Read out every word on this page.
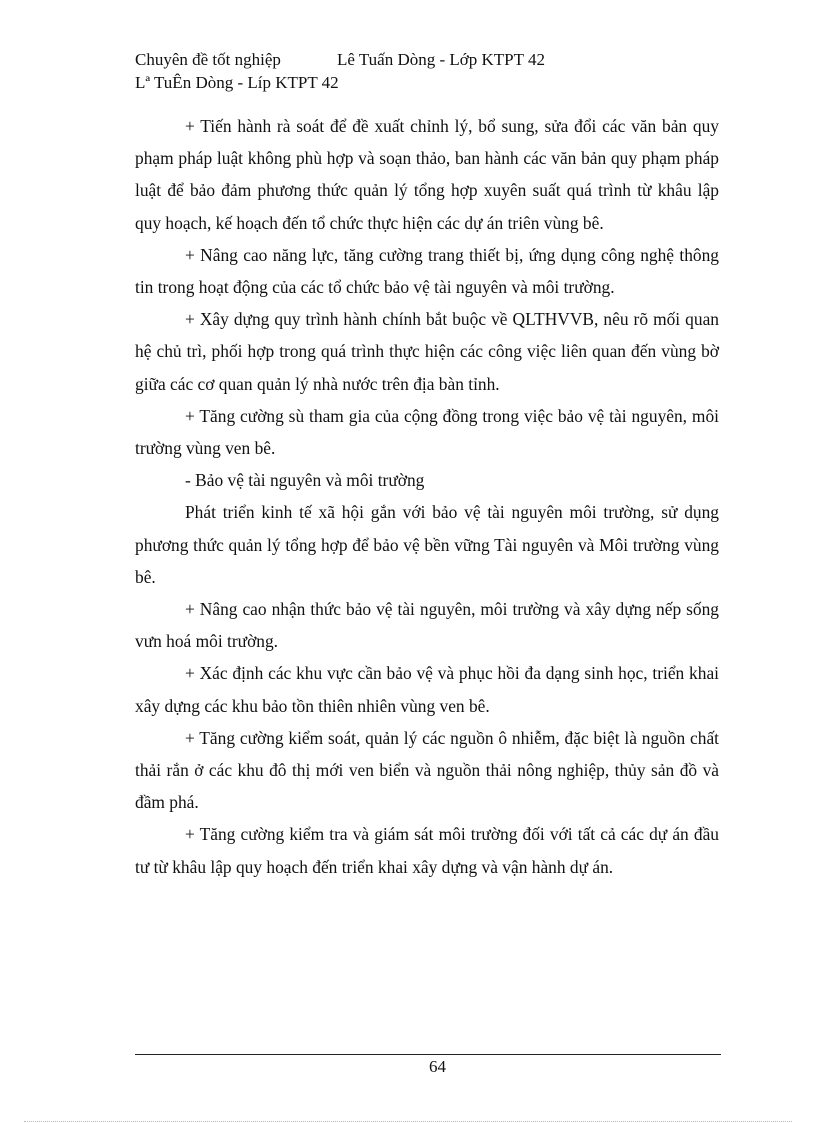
Chuyên đề tốt nghiệp	Lê Tuấn Dòng - Lớp KTPT 42
Lª TuÊn Dòng - Líp KTPT 42

+ Tiến hành rà soát để đề xuất chỉnh lý, bổ sung, sửa đổi các văn bản quy phạm pháp luật không phù hợp và soạn thảo, ban hành các văn bản quy phạm pháp luật để bảo đảm phương thức quản lý tổng hợp xuyên suất quá trình từ khâu lập quy hoạch, kế hoạch đến tổ chức thực hiện các dự án triên vùng bê.

+ Nâng cao năng lực, tăng cường trang thiết bị, ứng dụng công nghệ thông tin trong hoạt động của các tổ chức bảo vệ tài nguyên và môi trường.

+ Xây dựng quy trình hành chính bắt buộc về QLTHVVB, nêu rõ mối quan hệ chủ trì, phối hợp trong quá trình thực hiện các công việc liên quan đến vùng bờ giữa các cơ quan quản lý nhà nước trên địa bàn tỉnh.

+ Tăng cường sù tham gia của cộng đồng trong việc bảo vệ tài nguyên, môi trường vùng ven bê.

- Bảo vệ tài nguyên và môi trường

Phát triển kinh tế xã hội gắn với bảo vệ tài nguyên môi trường, sử dụng phương thức quản lý tổng hợp để bảo vệ bền vững Tài nguyên và Môi trường vùng bê.

+ Nâng cao nhận thức bảo vệ tài nguyên, môi trường và xây dựng nếp sống vưn hoá môi trường.

+ Xác định các khu vực cần bảo vệ và phục hồi đa dạng sinh học, triển khai xây dựng các khu bảo tồn thiên nhiên vùng ven bê.

+ Tăng cường kiểm soát, quản lý các nguồn ô nhiễm, đặc biệt là nguồn chất thải rắn ở các khu đô thị mới ven biển và nguồn thải nông nghiệp, thủy sản đồ và đầm phá.

+ Tăng cường kiểm tra và giám sát môi trường đối với tất cả các dự án đầu tư từ khâu lập quy hoạch đến triển khai xây dựng và vận hành dự án.

64
